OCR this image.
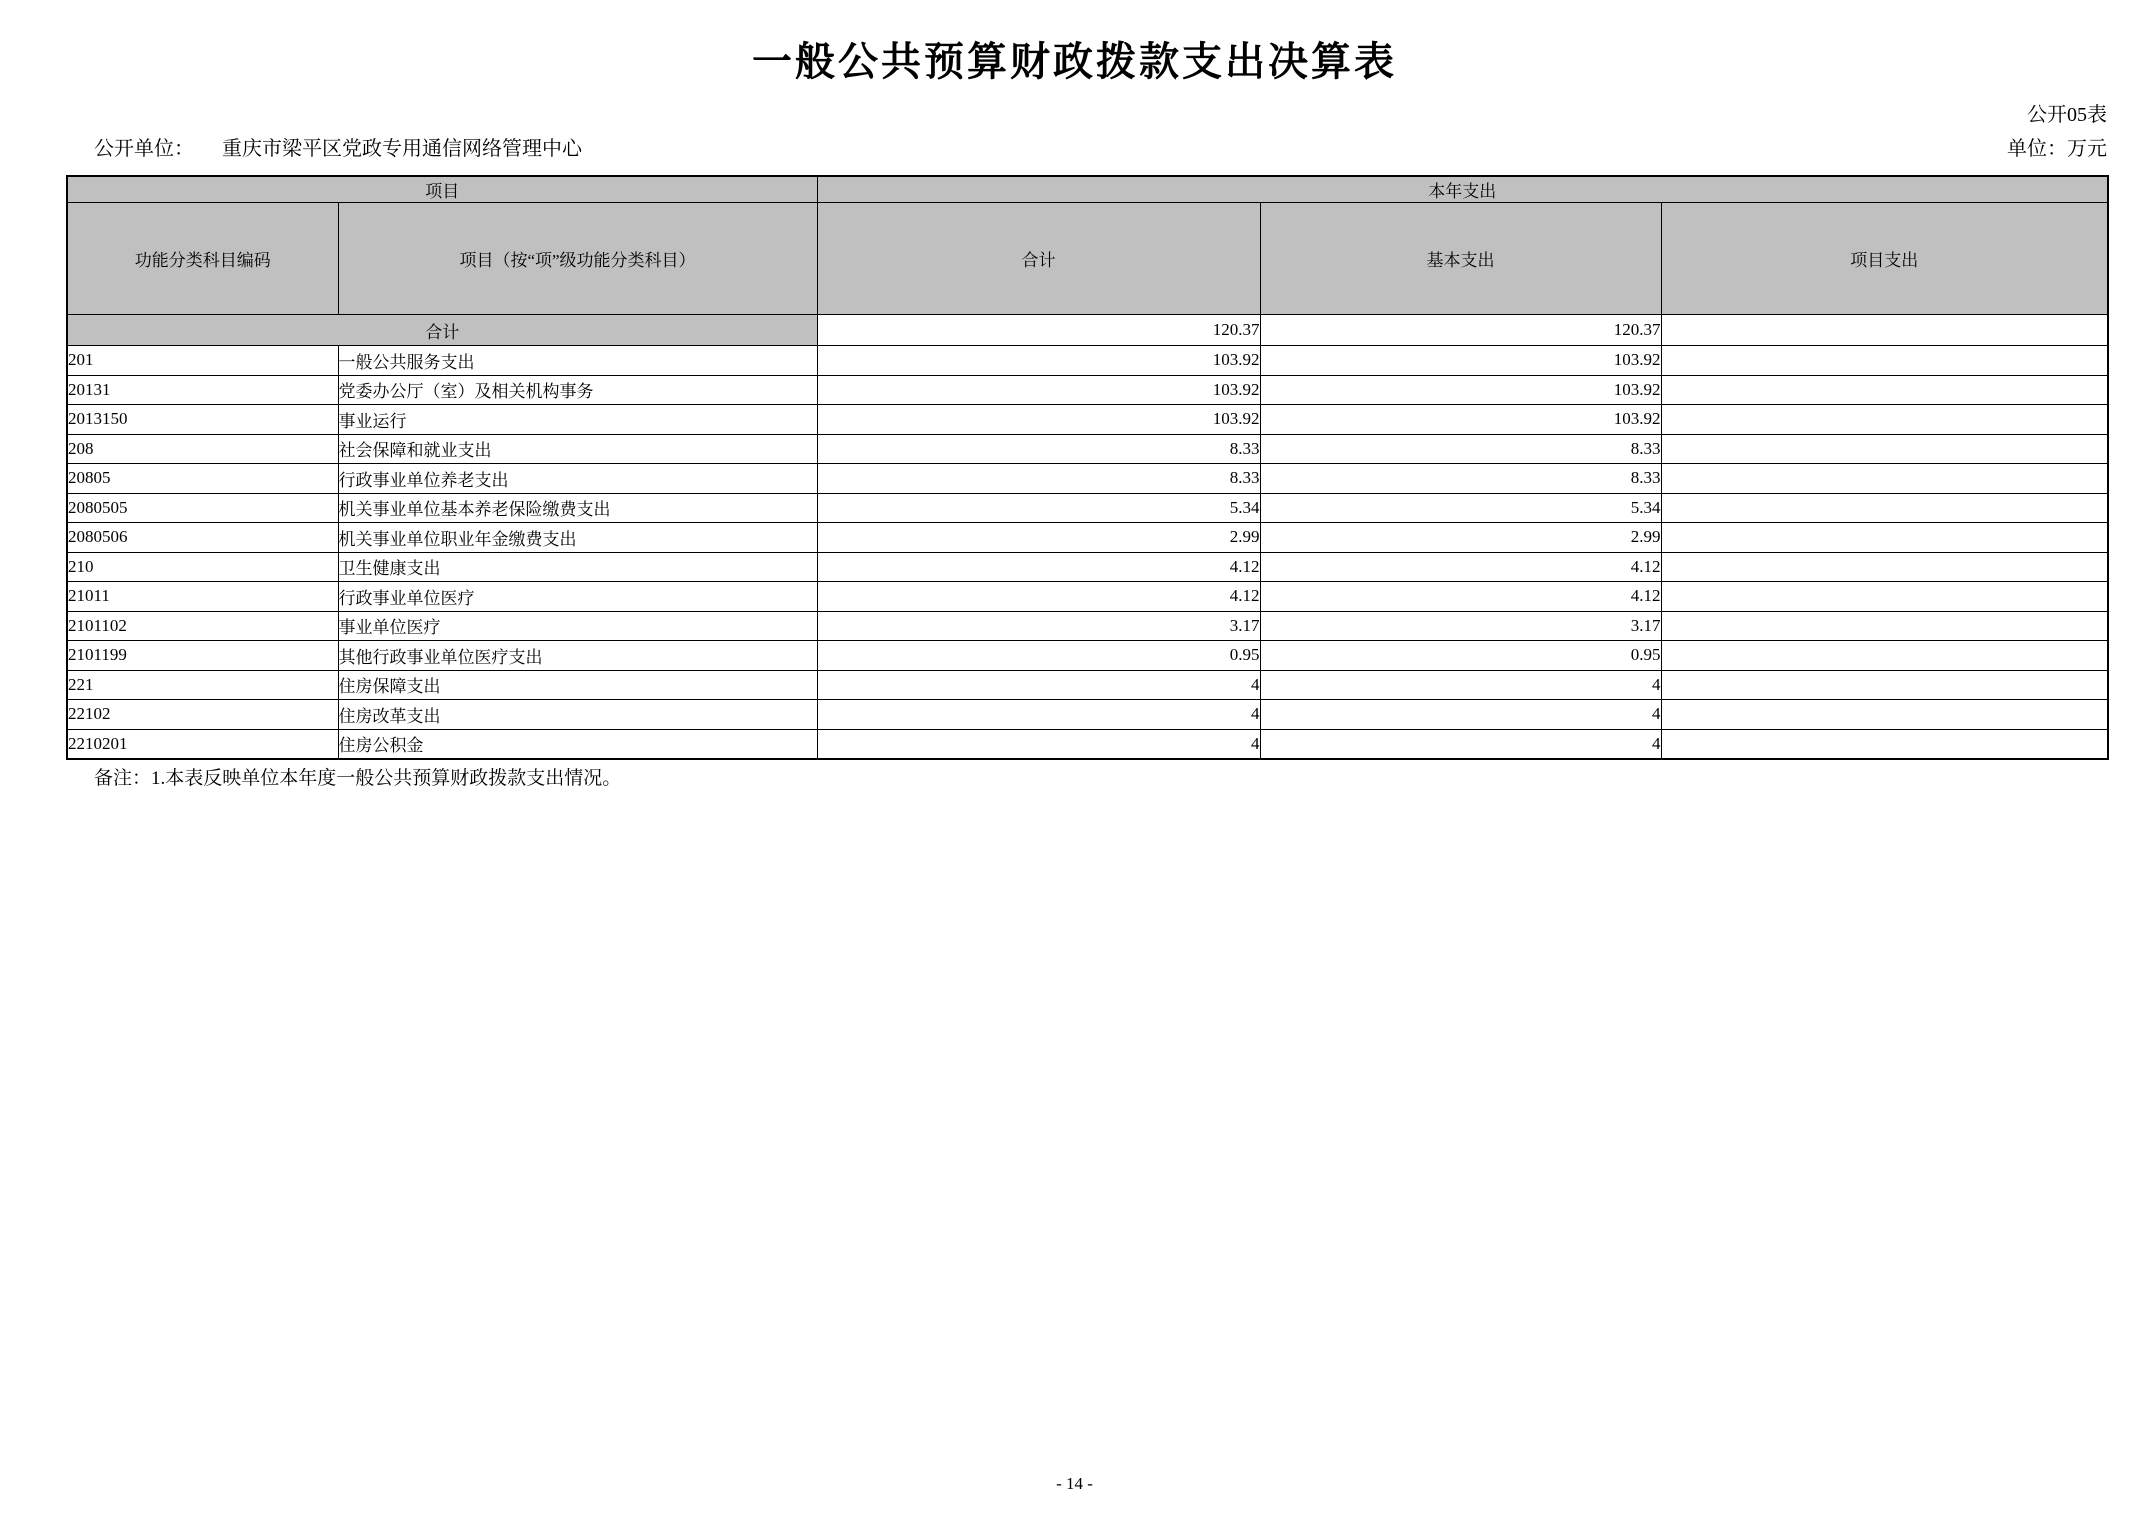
一般公共预算财政拨款支出决算表
公开05表
公开单位： 重庆市梁平区党政专用通信网络管理中心	单位：万元
项目		本年支出		
功能分类科目编码	项目（按“项”级功能分类科目）	合计	基本支出	项目支出
合计		120.37	120.37	
201	一般公共服务支出	103.92	103.92	
20131	党委办公厅（室）及相关机构事务	103.92	103.92	
2013150	事业运行	103.92	103.92	
208	社会保障和就业支出	8.33	8.33	
20805	行政事业单位养老支出	8.33	8.33	
2080505	机关事业单位基本养老保险缴费支出	5.34	5.34	
2080506	机关事业单位职业年金缴费支出	2.99	2.99	
210	卫生健康支出	4.12	4.12	
21011	行政事业单位医疗	4.12	4.12	
2101102	事业单位医疗	3.17	3.17	
2101199	其他行政事业单位医疗支出	0.95	0.95	
221	住房保障支出	4	4	
22102	住房改革支出	4	4	
2210201	住房公积金	4	4	
备注：1.本表反映单位本年度一般公共预算财政拨款支出情况。
- 14 -
